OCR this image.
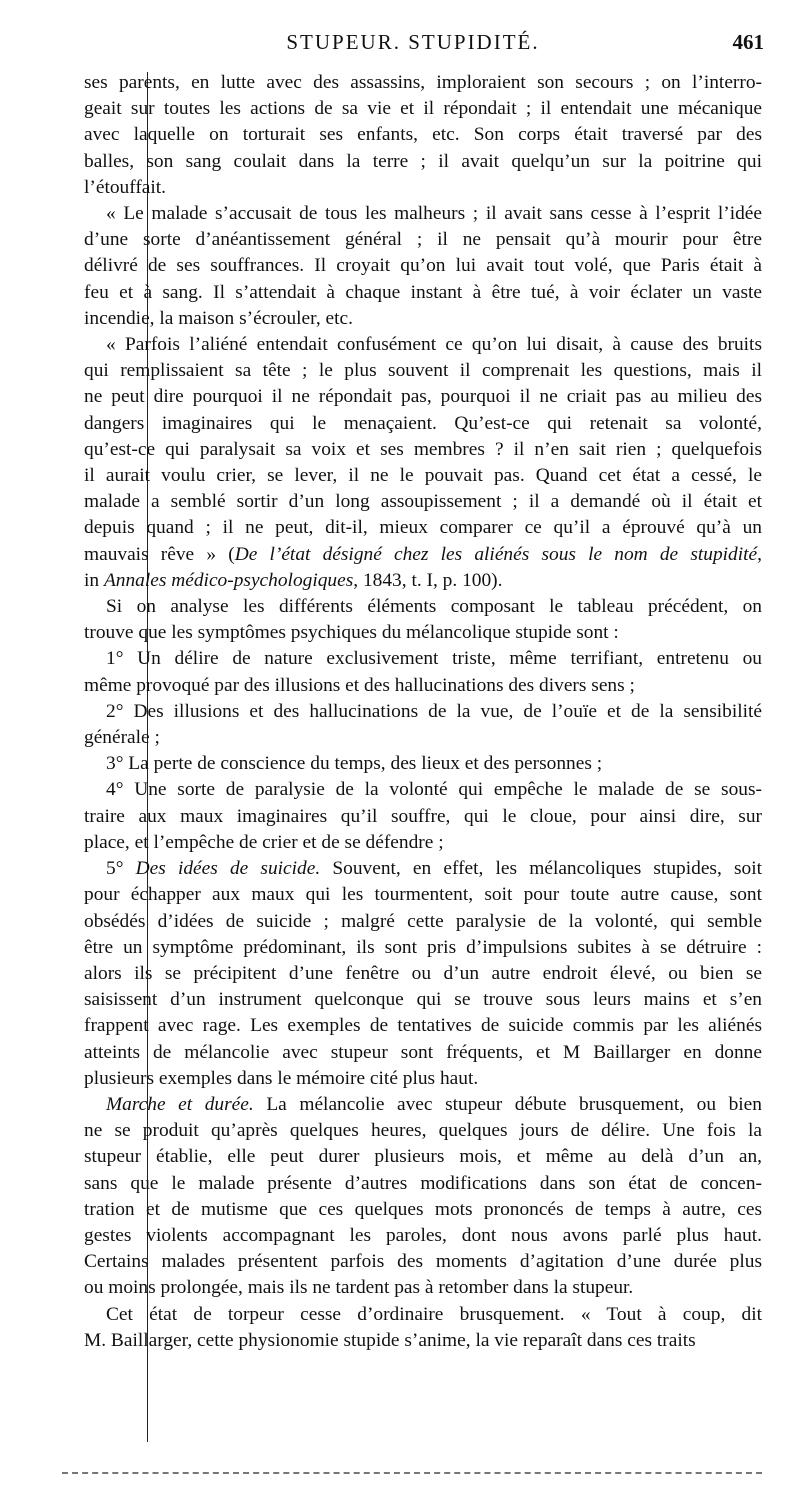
STUPEUR. STUPIDITÉ.	461
ses parents, en lutte avec des assassins, imploraient son secours ; on l’interro-
geait sur toutes les actions de sa vie et il répondait ; il entendait une mécanique
avec laquelle on torturait ses enfants, etc. Son corps était traversé par des
balles, son sang coulait dans la terre ; il avait quelqu’un sur la poitrine qui
l’étouffait.
« Le malade s’accusait de tous les malheurs ; il avait sans cesse à l’esprit l’idée
d’une sorte d’anéantissement général ; il ne pensait qu’à mourir pour être
délivré de ses souffrances. Il croyait qu’on lui avait tout volé, que Paris était à
feu et à sang. Il s’attendait à chaque instant à être tué, à voir éclater un vaste
incendie, la maison s’écrouler, etc.
« Parfois l’aliéné entendait confusément ce qu’on lui disait, à cause des bruits
qui remplissaient sa tête ; le plus souvent il comprenait les questions, mais il
ne peut dire pourquoi il ne répondait pas, pourquoi il ne criait pas au milieu des
dangers imaginaires qui le menaçaient. Qu’est-ce qui retenait sa volonté,
qu’est-ce qui paralysait sa voix et ses membres ? il n’en sait rien ; quelquefois
il aurait voulu crier, se lever, il ne le pouvait pas. Quand cet état a cessé, le
malade a semblé sortir d’un long assoupissement ; il a demandé où il était et
depuis quand ; il ne peut, dit-il, mieux comparer ce qu’il a éprouvé qu’à un
mauvais rêve » (De l’état désigné chez les aliénés sous le nom de stupidité,
in Annales médico-psychologiques, 1843, t. I, p. 100).
Si on analyse les différents éléments composant le tableau précédent, on
trouve que les symptômes psychiques du mélancolique stupide sont :
1° Un délire de nature exclusivement triste, même terrifiant, entretenu ou
même provoqué par des illusions et des hallucinations des divers sens ;
2° Des illusions et des hallucinations de la vue, de l’ouïe et de la sensibilité
générale ;
3° La perte de conscience du temps, des lieux et des personnes ;
4° Une sorte de paralysie de la volonté qui empêche le malade de se sous-
traire aux maux imaginaires qu’il souffre, qui le cloue, pour ainsi dire, sur
place, et l’empêche de crier et de se défendre ;
5° Des idées de suicide. Souvent, en effet, les mélancoliques stupides, soit
pour échapper aux maux qui les tourmentent, soit pour toute autre cause, sont
obsédés d’idées de suicide ; malgré cette paralysie de la volonté, qui semble
être un symptôme prédominant, ils sont pris d’impulsions subites à se détruire :
alors ils se précipitent d’une fenêtre ou d’un autre endroit élevé, ou bien se
saisissent d’un instrument quelconque qui se trouve sous leurs mains et s’en
frappent avec rage. Les exemples de tentatives de suicide commis par les aliénés
atteints de mélancolie avec stupeur sont fréquents, et M Baillarger en donne
plusieurs exemples dans le mémoire cité plus haut.
Marche et durée. La mélancolie avec stupeur débute brusquement, ou bien
ne se produit qu’après quelques heures, quelques jours de délire. Une fois la
stupeur établie, elle peut durer plusieurs mois, et même au delà d’un an,
sans que le malade présente d’autres modifications dans son état de concen-
tration et de mutisme que ces quelques mots prononcés de temps à autre, ces
gestes violents accompagnant les paroles, dont nous avons parlé plus haut.
Certains malades présentent parfois des moments d’agitation d’une durée plus
ou moins prolongée, mais ils ne tardent pas à retomber dans la stupeur.
Cet état de torpeur cesse d’ordinaire brusquement. « Tout à coup, dit
M. Baillarger, cette physionomie stupide s’anime, la vie reparaît dans ces traits
